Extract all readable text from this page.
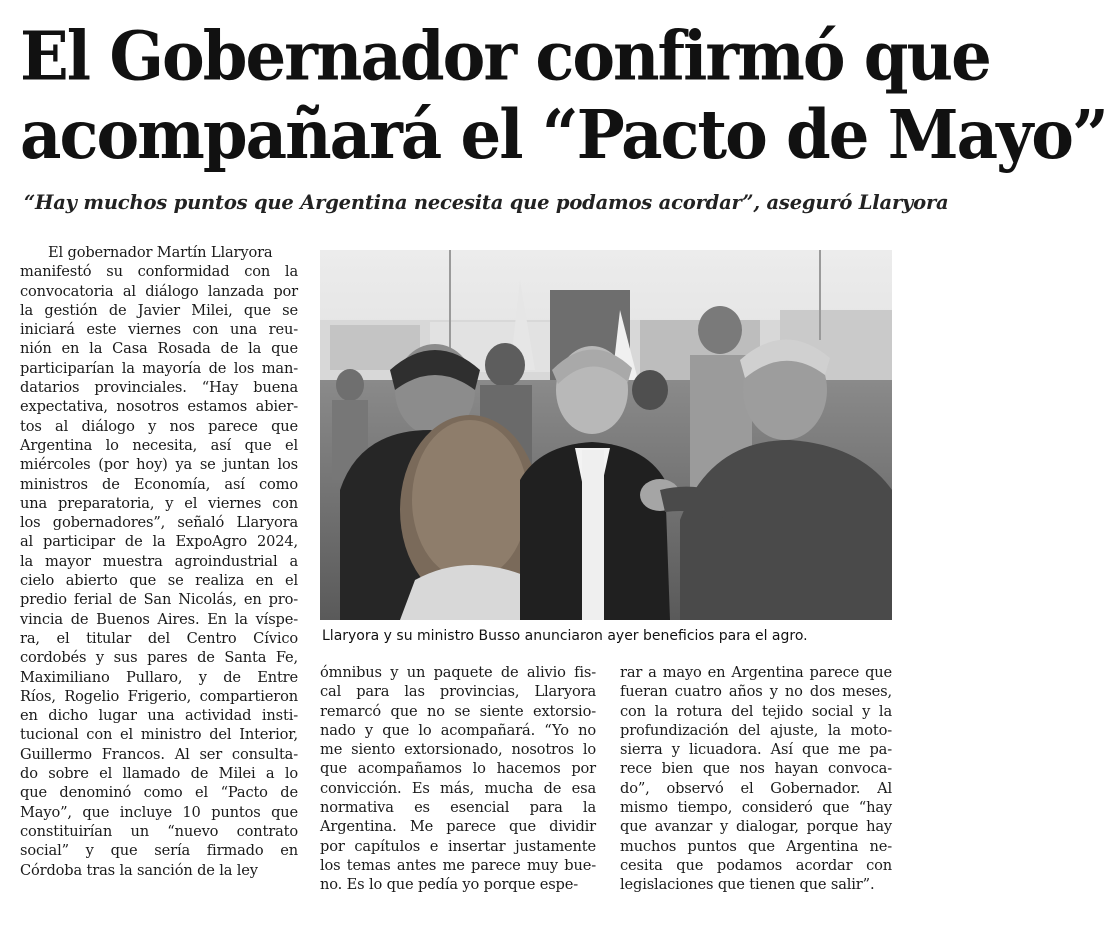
El Gobernador confirmó que
acompañará el “Pacto de Mayo”

“Hay muchos puntos que Argentina necesita que podamos acordar”, aseguró Llaryora

El gobernador Martín Llaryora
manifestó su conformidad con la
convocatoria al diálogo lanzada por
la gestión de Javier Milei, que se
iniciará este viernes con una reu-
nión en la Casa Rosada de la que
participarían la mayoría de los man-
datarios provinciales. “Hay buena
expectativa, nosotros estamos abier-
tos al diálogo y nos parece que
Argentina lo necesita, así que el
miércoles (por hoy) ya se juntan los
ministros de Economía, así como
una preparatoria, y el viernes con
los gobernadores”, señaló Llaryora
al participar de la ExpoAgro 2024,
la mayor muestra agroindustrial a
cielo abierto que se realiza en el
predio ferial de San Nicolás, en pro-
vincia de Buenos Aires. En la víspe-
ra, el titular del Centro Cívico
cordobés y sus pares de Santa Fe,
Maximiliano Pullaro, y de Entre
Ríos, Rogelio Frigerio, compartieron
en dicho lugar una actividad insti-
tucional con el ministro del Interior,
Guillermo Francos. Al ser consulta-
do sobre el llamado de Milei a lo
que denominó como el “Pacto de
Mayo”, que incluye 10 puntos que
constituirían un “nuevo contrato
social” y que sería firmado en
Córdoba tras la sanción de la ley

Llaryora y su ministro Busso anunciaron ayer beneficios para el agro.

ómnibus y un paquete de alivio fis-
cal para las provincias, Llaryora
remarcó que no se siente extorsio-
nado y que lo acompañará. “Yo no
me siento extorsionado, nosotros lo
que acompañamos lo hacemos por
convicción. Es más, mucha de esa
normativa es esencial para la
Argentina. Me parece que dividir
por capítulos e insertar justamente
los temas antes me parece muy bue-
no. Es lo que pedía yo porque espe-
rar a mayo en Argentina parece que
fueran cuatro años y no dos meses,
con la rotura del tejido social y la
profundización del ajuste, la moto-
sierra y licuadora. Así que me pa-
rece bien que nos hayan convoca-
do”, observó el Gobernador. Al
mismo tiempo, consideró que “hay
que avanzar y dialogar, porque hay
muchos puntos que Argentina ne-
cesita que podamos acordar con
legislaciones que tienen que salir”.
